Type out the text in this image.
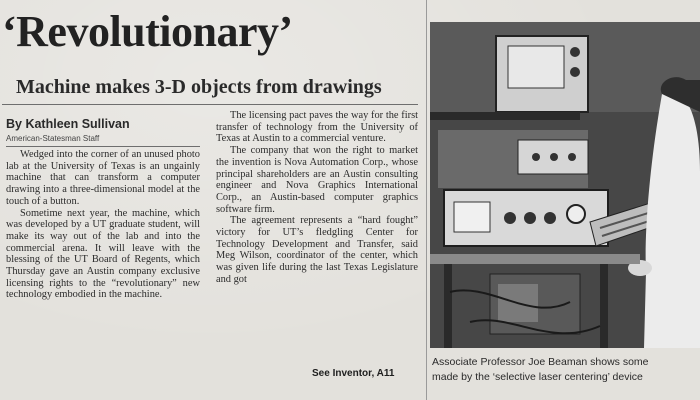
‘Revolutionary’
Machine makes 3-D objects from drawings
By Kathleen Sullivan
American-Statesman Staff

Wedged into the corner of an unused photo lab at the University of Texas is an ungainly machine that can transform a computer drawing into a three-dimensional model at the touch of a button.

Sometime next year, the machine, which was developed by a UT graduate student, will make its way out of the lab and into the commercial arena. It will leave with the blessing of the UT Board of Regents, which Thursday gave an Austin company exclusive licensing rights to the “revolutionary” new technology embodied in the machine.

The licensing pact paves the way for the first transfer of technology from the University of Texas at Austin to a commercial venture.

The company that won the right to market the invention is Nova Automation Corp., whose principal shareholders are an Austin consulting engineer and Nova Graphics International Corp., an Austin-based computer graphics software firm.

The agreement represents a “hard fought” victory for UT’s fledgling Center for Technology Development and Transfer, said Meg Wilson, coordinator of the center, which was given life during the last Texas Legislature and got

See Inventor, A11
Associate Professor Joe Beaman shows some
made by the ‘selective laser centering’ device
